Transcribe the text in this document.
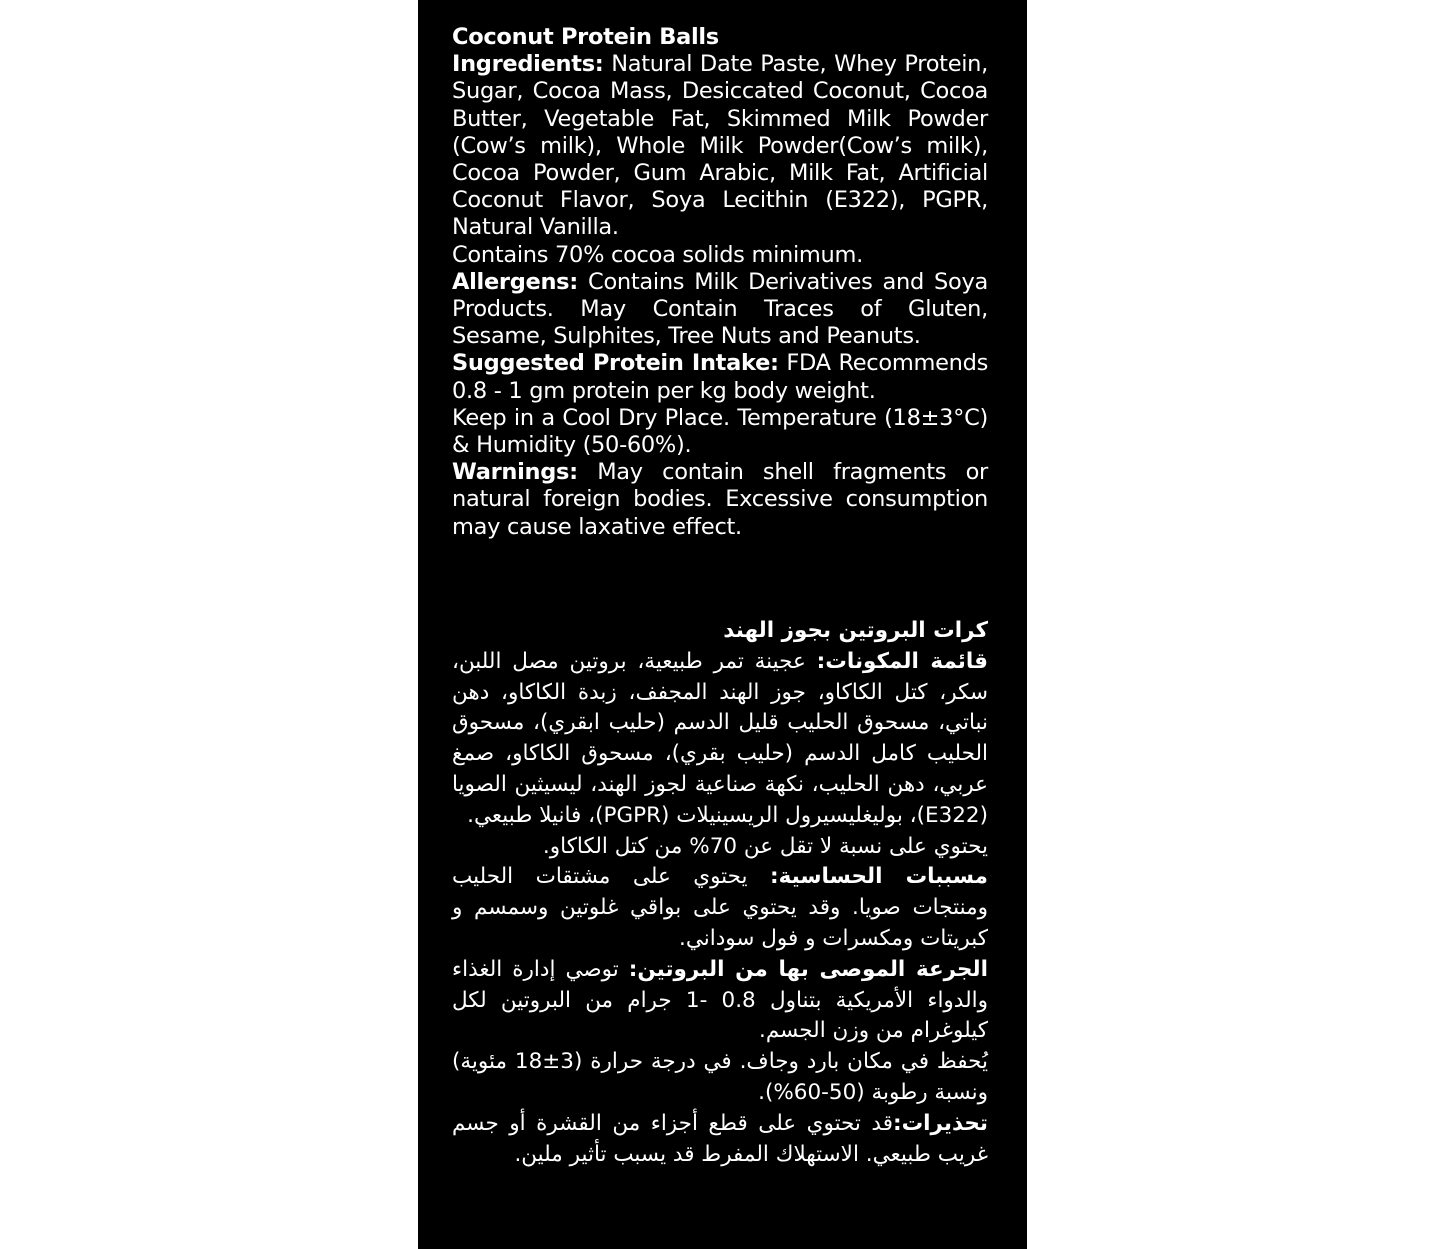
Coconut Protein Balls

Ingredients: Natural Date Paste, Whey Protein, Sugar, Cocoa Mass, Desiccated Coconut, Cocoa Butter, Vegetable Fat, Skimmed Milk Powder (Cow’s milk), Whole Milk Powder(Cow’s milk), Cocoa Powder, Gum Arabic, Milk Fat, Artificial Coconut Flavor, Soya Lecithin (E322), PGPR, Natural Vanilla.

Contains 70% cocoa solids minimum.

Allergens: Contains Milk Derivatives and Soya Products. May Contain Traces of Gluten, Sesame, Sulphites, Tree Nuts and Peanuts.

Suggested Protein Intake: FDA Recommends 0.8 - 1 gm protein per kg body weight.

Keep in a Cool Dry Place. Temperature (18±3°C) & Humidity (50-60%).

Warnings: May contain shell fragments or natural foreign bodies. Excessive consumption may cause laxative effect.

كرات البروتين بجوز الهند

قائمة المكونات: عجينة تمر طبيعية، بروتين مصل اللبن، سكر، كتل الكاكاو، جوز الهند المجفف، زبدة الكاكاو، دهن نباتي، مسحوق الحليب قليل الدسم (حليب ابقري)، مسحوق الحليب كامل الدسم (حليب بقري)، مسحوق الكاكاو، صمغ عربي، دهن الحليب، نكهة صناعية لجوز الهند، ليسيثين الصويا (E322)، بوليغليسيرول الريسينيلات (PGPR)، فانيلا طبيعي.

يحتوي على نسبة لا تقل عن 70% من كتل الكاكاو.

مسببات الحساسية: يحتوي على مشتقات الحليب ومنتجات صويا. وقد يحتوي على بواقي غلوتين وسمسم و كبريتات ومكسرات و فول سوداني.

الجرعة الموصى بها من البروتين: توصي إدارة الغذاء والدواء الأمريكية بتناول 0.8 -1 جرام من البروتين لكل كيلوغرام من وزن الجسم.

يُحفظ في مكان بارد وجاف. في درجة حرارة (3±18 مئوية) ونسبة رطوبة (50-60%).

تحذيرات:قد تحتوي على قطع أجزاء من القشرة أو جسم غريب طبيعي. الاستهلاك المفرط قد يسبب تأثير ملين.
